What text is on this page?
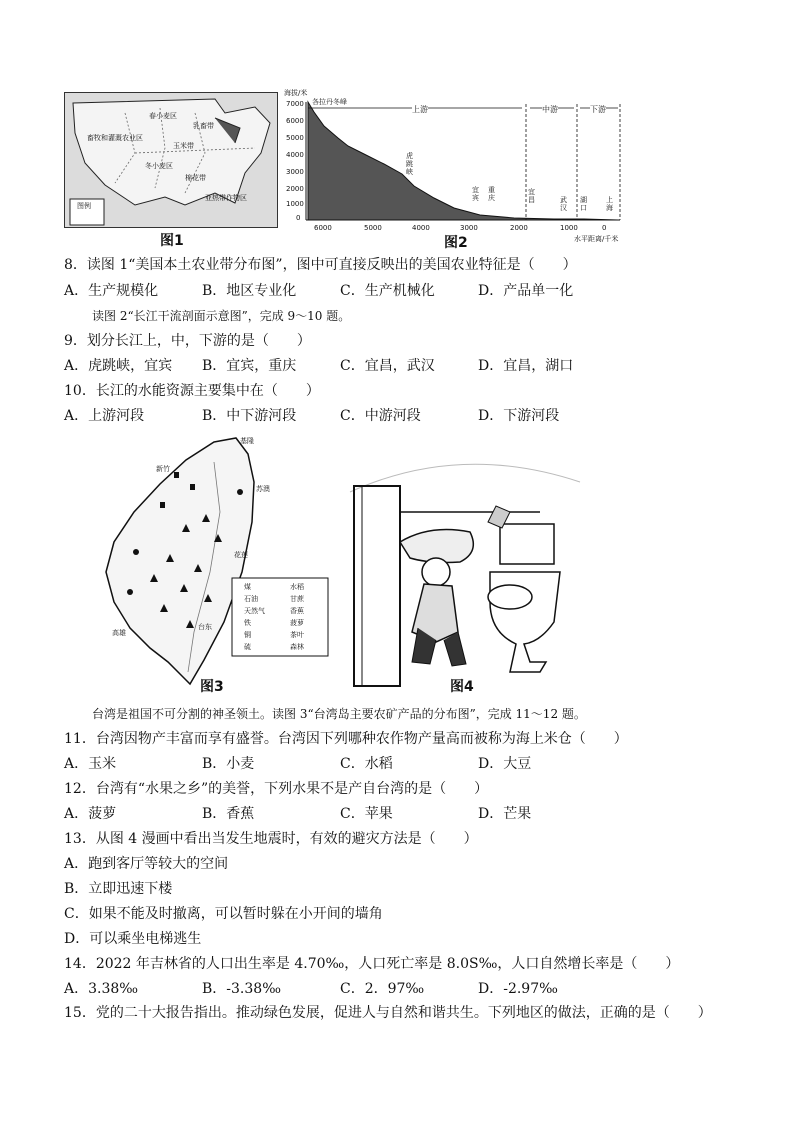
畜牧和灌溉农业区
玉米带
乳畜带
棉花带
亚热带作物区
冬小麦区
春小麦区
图例
图1
海拔/米
7000
6000
5000
4000
3000
2000
1000
0
各拉丹冬峰
上游	中游	下游
虎跳峡
宜宾
重庆
宜昌	武汉
湖口
上海
6000	5000	4000	3000	2000	1000	0
水平距离/千米
图2
8．读图 1“美国本土农业带分布图”，图中可直接反映出的美国农业特征是（　　）
A．生产规模化	B．地区专业化	C．生产机械化	D．产品单一化
读图 2“长江干流剖面示意图”，完成 9～10 题。
9．划分长江上，中，下游的是（　　）
A．虎跳峡，宜宾 B．宜宾，重庆	C．宜昌，武汉	D．宜昌，湖口
10．长江的水能资源主要集中在（　　）
A．上游河段	B．中下游河段	C．中游河段	D．下游河段
基隆
新竹
苏澳
花莲
台东
高雄
煤
石油
天然气
铁
铜
硫
水稻
甘蔗
香蕉
菠萝
茶叶
森林
图3	图4
台湾是祖国不可分割的神圣领土。读图 3“台湾岛主要农矿产品的分布图”，完成 11～12 题。
11．台湾因物产丰富而享有盛誉。台湾因下列哪种农作物产量高而被称为海上米仓（　　）
A．玉米	B．小麦	C．水稻	D．大豆
12．台湾有“水果之乡”的美誉，下列水果不是产自台湾的是（　　）
A．菠萝	B．香蕉	C．苹果	D．芒果
13．从图 4 漫画中看出当发生地震时，有效的避灾方法是（　　）
A．跑到客厅等较大的空间
B．立即迅速下楼
C．如果不能及时撤离，可以暂时躲在小开间的墙角
D．可以乘坐电梯逃生
14．2022 年吉林省的人口出生率是 4.70‰，人口死亡率是 8.0S‰，人口自然增长率是（　　）
A．3.38‰	B．-3.38‰	C．2．97‰	D．-2.97‰
15．党的二十大报告指出。推动绿色发展，促进人与自然和谐共生。下列地区的做法，正确的是（　　）
